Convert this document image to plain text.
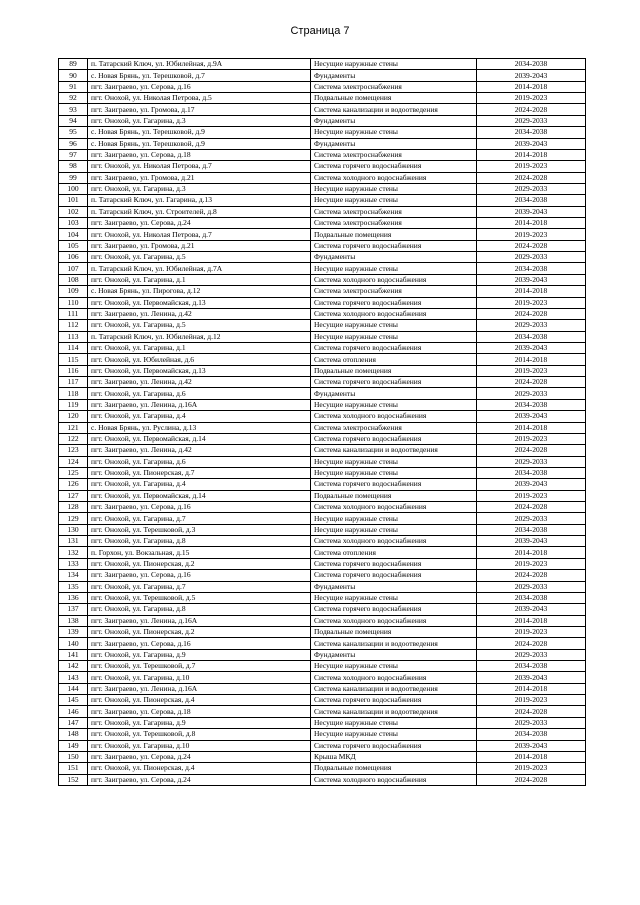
Страница 7
89	п. Татарский Ключ, ул. Юбилейная, д.9А	Несущие наружные стены	2034-2038
90	с. Новая Брянь, ул. Терешковой, д.7	Фундаменты	2039-2043
91	пгт. Заиграево, ул. Серова, д.16	Система электроснабжения	2014-2018
92	пгт. Онохой, ул. Николая Петрова, д.5	Подвальные помещения	2019-2023
93	пгт. Заиграево, ул. Громова, д.17	Система канализации и водоотведения	2024-2028
94	пгт. Онохой, ул. Гагарина, д.3	Фундаменты	2029-2033
95	с. Новая Брянь, ул. Терешковой, д.9	Несущие наружные стены	2034-2038
96	с. Новая Брянь, ул. Терешковой, д.9	Фундаменты	2039-2043
97	пгт. Заиграево, ул. Серова, д.18	Система электроснабжения	2014-2018
98	пгт. Онохой, ул. Николая Петрова, д.7	Система горячего водоснабжения	2019-2023
99	пгт. Заиграево, ул. Громова, д.21	Система холодного водоснабжения	2024-2028
100	пгт. Онохой, ул. Гагарина, д.3	Несущие наружные стены	2029-2033
101	п. Татарский Ключ, ул. Гагарина, д.13	Несущие наружные стены	2034-2038
102	п. Татарский Ключ, ул. Строителей, д.8	Система электроснабжения	2039-2043
103	пгт. Заиграево, ул. Серова, д.24	Система электроснабжения	2014-2018
104	пгт. Онохой, ул. Николая Петрова, д.7	Подвальные помещения	2019-2023
105	пгт. Заиграево, ул. Громова, д.21	Система горячего водоснабжения	2024-2028
106	пгт. Онохой, ул. Гагарина, д.5	Фундаменты	2029-2033
107	п. Татарский Ключ, ул. Юбилейная, д.7А	Несущие наружные стены	2034-2038
108	пгт. Онохой, ул. Гагарина, д.1	Система холодного водоснабжения	2039-2043
109	с. Новая Брянь, ул. Пирогова, д.12	Система электроснабжения	2014-2018
110	пгт. Онохой, ул. Первомайская, д.13	Система горячего водоснабжения	2019-2023
111	пгт. Заиграево, ул. Ленина, д.42	Система холодного водоснабжения	2024-2028
112	пгт. Онохой, ул. Гагарина, д.5	Несущие наружные стены	2029-2033
113	п. Татарский Ключ, ул. Юбилейная, д.12	Несущие наружные стены	2034-2038
114	пгт. Онохой, ул. Гагарина, д.1	Система горячего водоснабжения	2039-2043
115	пгт. Онохой, ул. Юбилейная, д.6	Система отопления	2014-2018
116	пгт. Онохой, ул. Первомайская, д.13	Подвальные помещения	2019-2023
117	пгт. Заиграево, ул. Ленина, д.42	Система горячего водоснабжения	2024-2028
118	пгт. Онохой, ул. Гагарина, д.6	Фундаменты	2029-2033
119	пгт. Заиграево, ул. Ленина, д.16А	Несущие наружные стены	2034-2038
120	пгт. Онохой, ул. Гагарина, д.4	Система холодного водоснабжения	2039-2043
121	с. Новая Брянь, ул. Руслина, д.13	Система электроснабжения	2014-2018
122	пгт. Онохой, ул. Первомайская, д.14	Система горячего водоснабжения	2019-2023
123	пгт. Заиграево, ул. Ленина, д.42	Система канализации и водоотведения	2024-2028
124	пгт. Онохой, ул. Гагарина, д.6	Несущие наружные стены	2029-2033
125	пгт. Онохой, ул. Пионерская, д.7	Несущие наружные стены	2034-2038
126	пгт. Онохой, ул. Гагарина, д.4	Система горячего водоснабжения	2039-2043
127	пгт. Онохой, ул. Первомайская, д.14	Подвальные помещения	2019-2023
128	пгт. Заиграево, ул. Серова, д.16	Система холодного водоснабжения	2024-2028
129	пгт. Онохой, ул. Гагарина, д.7	Несущие наружные стены	2029-2033
130	пгт. Онохой, ул. Терешковой, д.3	Несущие наружные стены	2034-2038
131	пгт. Онохой, ул. Гагарина, д.8	Система холодного водоснабжения	2039-2043
132	п. Горхон, ул. Вокзальная, д.15	Система отопления	2014-2018
133	пгт. Онохой, ул. Пионерская, д.2	Система горячего водоснабжения	2019-2023
134	пгт. Заиграево, ул. Серова, д.16	Система горячего водоснабжения	2024-2028
135	пгт. Онохой, ул. Гагарина, д.7	Фундаменты	2029-2033
136	пгт. Онохой, ул. Терешковой, д.5	Несущие наружные стены	2034-2038
137	пгт. Онохой, ул. Гагарина, д.8	Система горячего водоснабжения	2039-2043
138	пгт. Заиграево, ул. Ленина, д.16А	Система холодного водоснабжения	2014-2018
139	пгт. Онохой, ул. Пионерская, д.2	Подвальные помещения	2019-2023
140	пгт. Заиграево, ул. Серова, д.16	Система канализации и водоотведения	2024-2028
141	пгт. Онохой, ул. Гагарина, д.9	Фундаменты	2029-2033
142	пгт. Онохой, ул. Терешковой, д.7	Несущие наружные стены	2034-2038
143	пгт. Онохой, ул. Гагарина, д.10	Система холодного водоснабжения	2039-2043
144	пгт. Заиграево, ул. Ленина, д.16А	Система канализации и водоотведения	2014-2018
145	пгт. Онохой, ул. Пионерская, д.4	Система горячего водоснабжения	2019-2023
146	пгт. Заиграево, ул. Серова, д.18	Система канализации и водоотведения	2024-2028
147	пгт. Онохой, ул. Гагарина, д.9	Несущие наружные стены	2029-2033
148	пгт. Онохой, ул. Терешковой, д.8	Несущие наружные стены	2034-2038
149	пгт. Онохой, ул. Гагарина, д.10	Система горячего водоснабжения	2039-2043
150	пгт. Заиграево, ул. Серова, д.24	Крыша МКД	2014-2018
151	пгт. Онохой, ул. Пионерская, д.4	Подвальные помещения	2019-2023
152	пгт. Заиграево, ул. Серова, д.24	Система холодного водоснабжения	2024-2028
